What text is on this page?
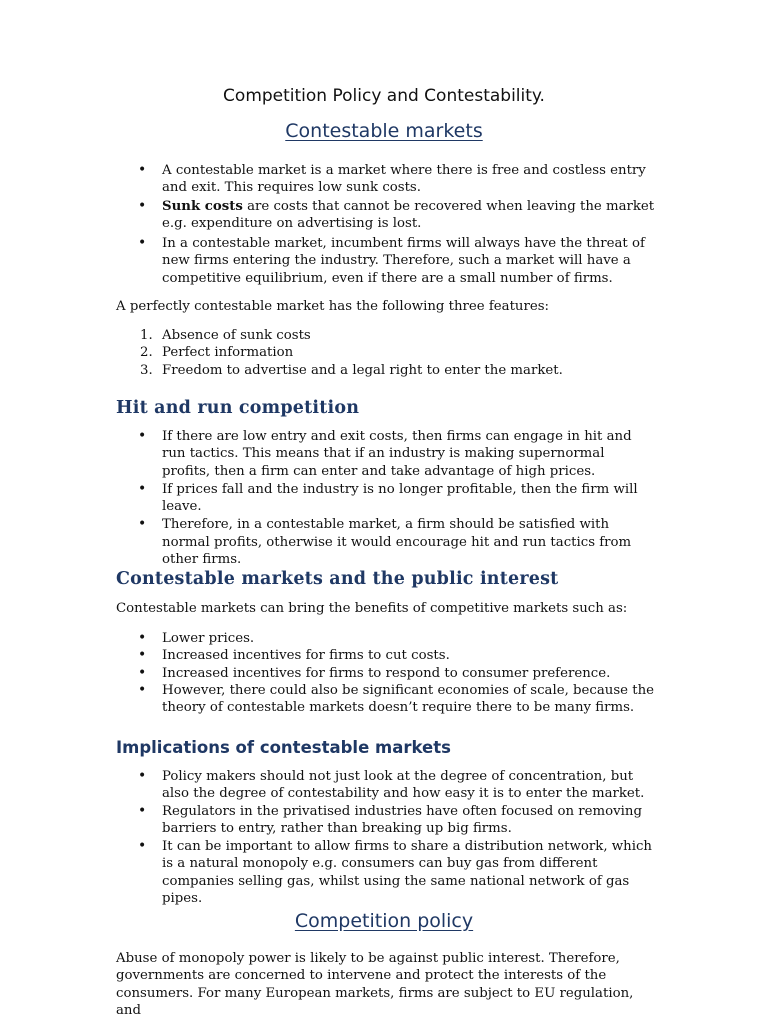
Competition Policy and Contestability.

Contestable markets

• A contestable market is a market where there is free and costless entry and exit. This requires low sunk costs.
• Sunk costs are costs that cannot be recovered when leaving the market e.g. expenditure on advertising is lost.
• In a contestable market, incumbent firms will always have the threat of new firms entering the industry. Therefore, such a market will have a competitive equilibrium, even if there are a small number of firms.

A perfectly contestable market has the following three features:

1. Absence of sunk costs
2. Perfect information
3. Freedom to advertise and a legal right to enter the market.

Hit and run competition

• If there are low entry and exit costs, then firms can engage in hit and run tactics. This means that if an industry is making supernormal profits, then a firm can enter and take advantage of high prices.
• If prices fall and the industry is no longer profitable, then the firm will leave.
• Therefore, in a contestable market, a firm should be satisfied with normal profits, otherwise it would encourage hit and run tactics from other firms.

Contestable markets and the public interest

Contestable markets can bring the benefits of competitive markets such as:

• Lower prices.
• Increased incentives for firms to cut costs.
• Increased incentives for firms to respond to consumer preference.
• However, there could also be significant economies of scale, because the theory of contestable markets doesn’t require there to be many firms.

Implications of contestable markets

• Policy makers should not just look at the degree of concentration, but also the degree of contestability and how easy it is to enter the market.
• Regulators in the privatised industries have often focused on removing barriers to entry, rather than breaking up big firms.
• It can be important to allow firms to share a distribution network, which is a natural monopoly e.g. consumers can buy gas from different companies selling gas, whilst using the same national network of gas pipes.

Competition policy

Abuse of monopoly power is likely to be against public interest. Therefore, governments are concerned to intervene and protect the interests of the consumers. For many European markets, firms are subject to EU regulation, and
